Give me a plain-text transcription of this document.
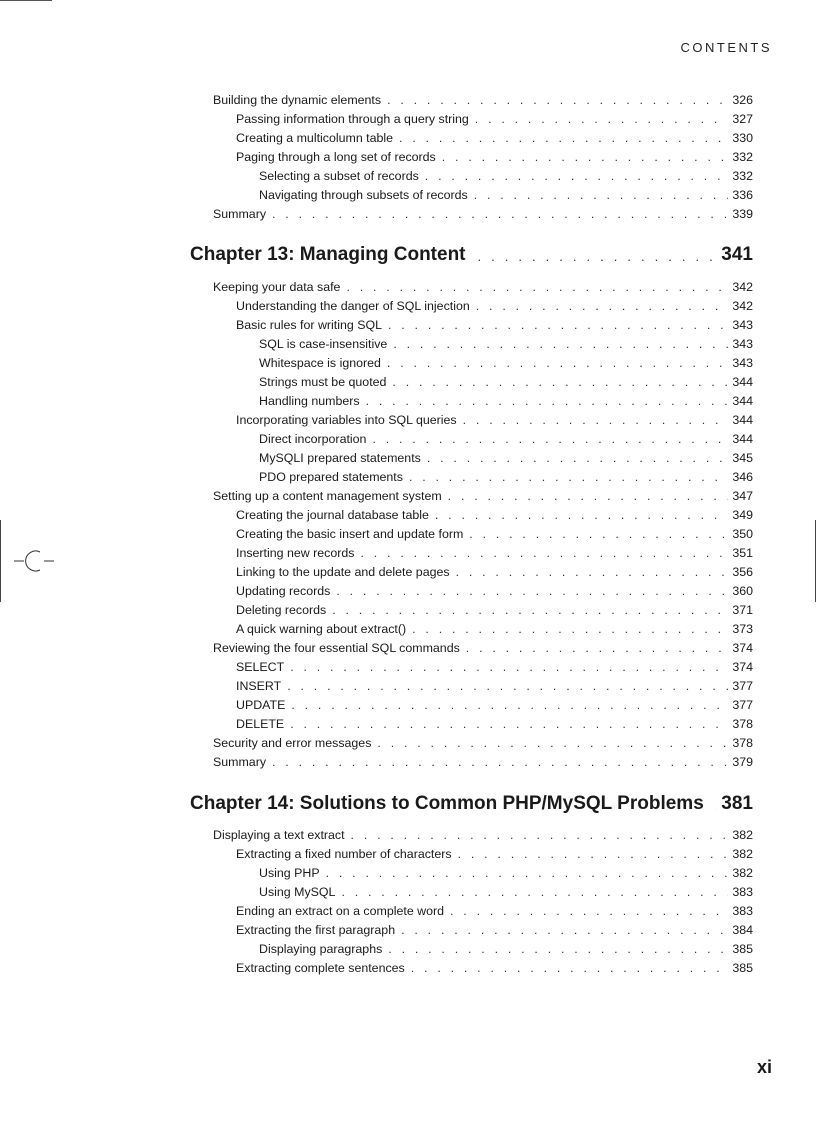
CONTENTS
Building the dynamic elements . . .	326
Passing information through a query string . . .	327
Creating a multicolumn table . . .	330
Paging through a long set of records . . .	332
Selecting a subset of records . . .	332
Navigating through subsets of records . . .	336
Summary . . .	339
Chapter 13: Managing Content . . .	341
Keeping your data safe . . .	342
Understanding the danger of SQL injection . . .	342
Basic rules for writing SQL . . .	343
SQL is case-insensitive . . .	343
Whitespace is ignored . . .	343
Strings must be quoted . . .	344
Handling numbers . . .	344
Incorporating variables into SQL queries . . .	344
Direct incorporation . . .	344
MySQLI prepared statements . . .	345
PDO prepared statements . . .	346
Setting up a content management system . . .	347
Creating the journal database table . . .	349
Creating the basic insert and update form . . .	350
Inserting new records . . .	351
Linking to the update and delete pages . . .	356
Updating records . . .	360
Deleting records . . .	371
A quick warning about extract() . . .	373
Reviewing the four essential SQL commands . . .	374
SELECT . . .	374
INSERT . . .	377
UPDATE . . .	377
DELETE . . .	378
Security and error messages . . .	378
Summary . . .	379
Chapter 14: Solutions to Common PHP/MySQL Problems . . . 381
Displaying a text extract . . .	382
Extracting a fixed number of characters . . .	382
Using PHP . . .	382
Using MySQL . . .	383
Ending an extract on a complete word . . .	383
Extracting the first paragraph . . .	384
Displaying paragraphs . . .	385
Extracting complete sentences . . .	385
xi
